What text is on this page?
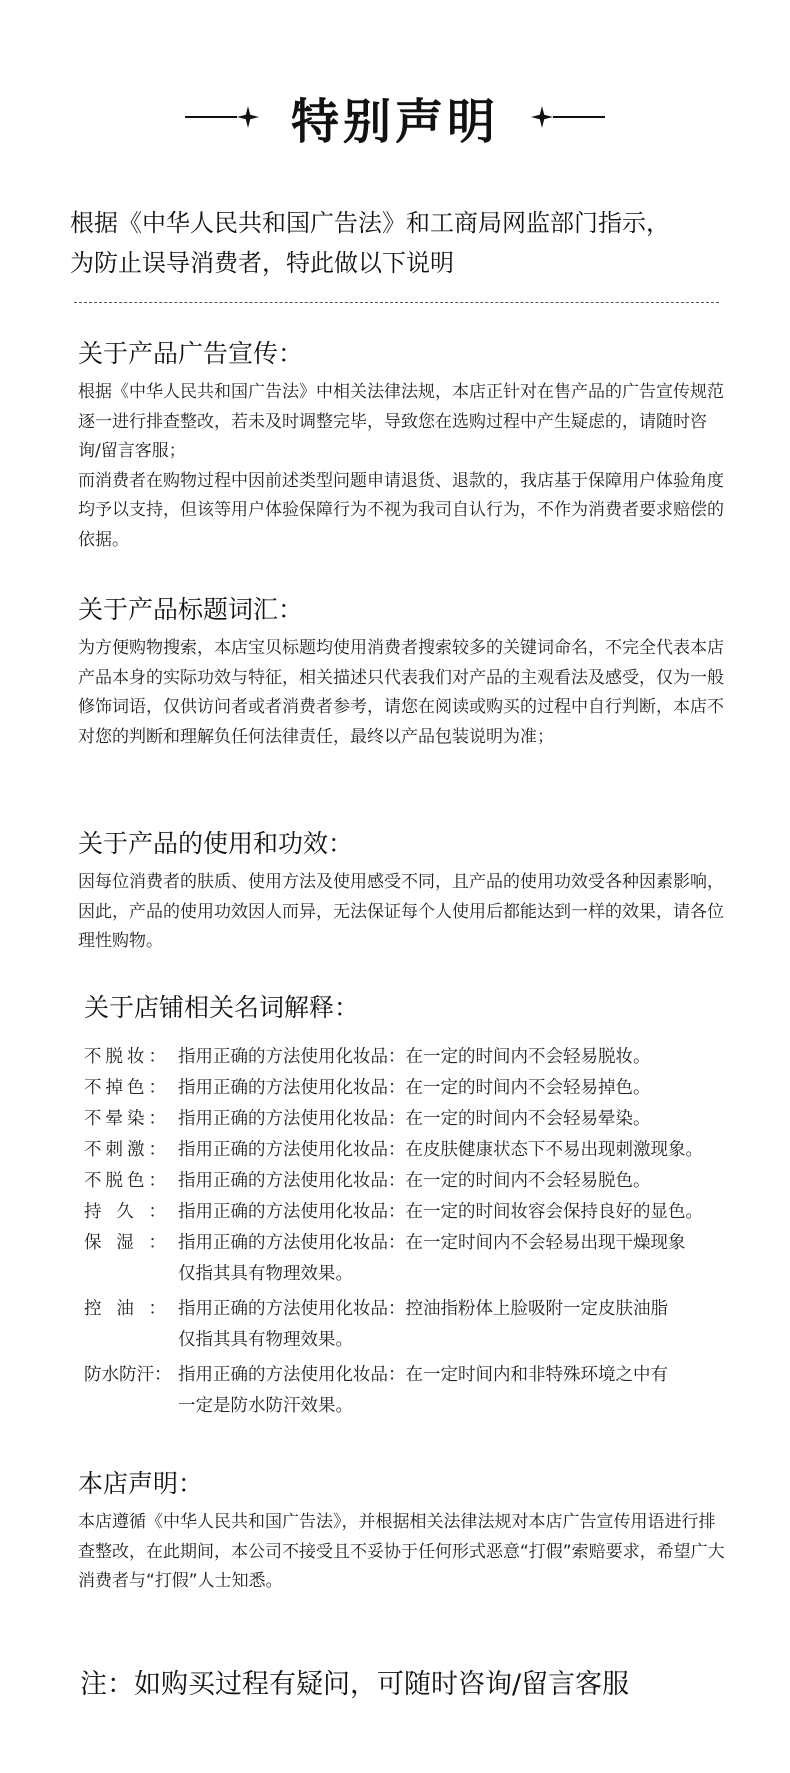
特别声明

根据《中华人民共和国广告法》和工商局网监部门指示，

为防止误导消费者，特此做以下说明

关于产品广告宣传：

根据《中华人民共和国广告法》中相关法律法规，本店正针对在售产品的广告宣传规范逐一进行排查整改，若未及时调整完毕，导致您在选购过程中产生疑虑的，请随时咨询/留言客服；

而消费者在购物过程中因前述类型问题申请退货、退款的，我店基于保障用户体验角度均予以支持，但该等用户体验保障行为不视为我司自认行为，不作为消费者要求赔偿的依据。

关于产品标题词汇：

为方便购物搜索，本店宝贝标题均使用消费者搜索较多的关键词命名，不完全代表本店产品本身的实际功效与特征，相关描述只代表我们对产品的主观看法及感受，仅为一般修饰词语，仅供访问者或者消费者参考，请您在阅读或购买的过程中自行判断，本店不对您的判断和理解负任何法律责任，最终以产品包装说明为准；

关于产品的使用和功效：

因每位消费者的肤质、使用方法及使用感受不同，且产品的使用功效受各种因素影响，因此，产品的使用功效因人而异，无法保证每个人使用后都能达到一样的效果，请各位理性购物。

关于店铺相关名词解释：
不 脱 妆 ： 指用正确的方法使用化妆品：在一定的时间内不会轻易脱妆。
不 掉 色 ： 指用正确的方法使用化妆品：在一定的时间内不会轻易掉色。
不 晕 染 ： 指用正确的方法使用化妆品：在一定的时间内不会轻易晕染。
不 刺 激 ： 指用正确的方法使用化妆品：在皮肤健康状态下不易出现刺激现象。
不 脱 色 ： 指用正确的方法使用化妆品：在一定的时间内不会轻易脱色。
持 久 ： 指用正确的方法使用化妆品：在一定的时间妆容会保持良好的显色。
保 湿 ： 指用正确的方法使用化妆品：在一定时间内不会轻易出现干燥现象
仅指其具有物理效果。
控 油 ： 指用正确的方法使用化妆品：控油指粉体上脸吸附一定皮肤油脂
仅指其具有物理效果。
防水防汗： 指用正确的方法使用化妆品：在一定时间内和非特殊环境之中有
一定是防水防汗效果。
本店声明：

本店遵循《中华人民共和国广告法》，并根据相关法律法规对本店广告宣传用语进行排查整改，在此期间，本公司不接受且不妥协于任何形式恶意“打假”索赔要求，希望广大消费者与“打假”人士知悉。

注：如购买过程有疑问，可随时咨询/留言客服
